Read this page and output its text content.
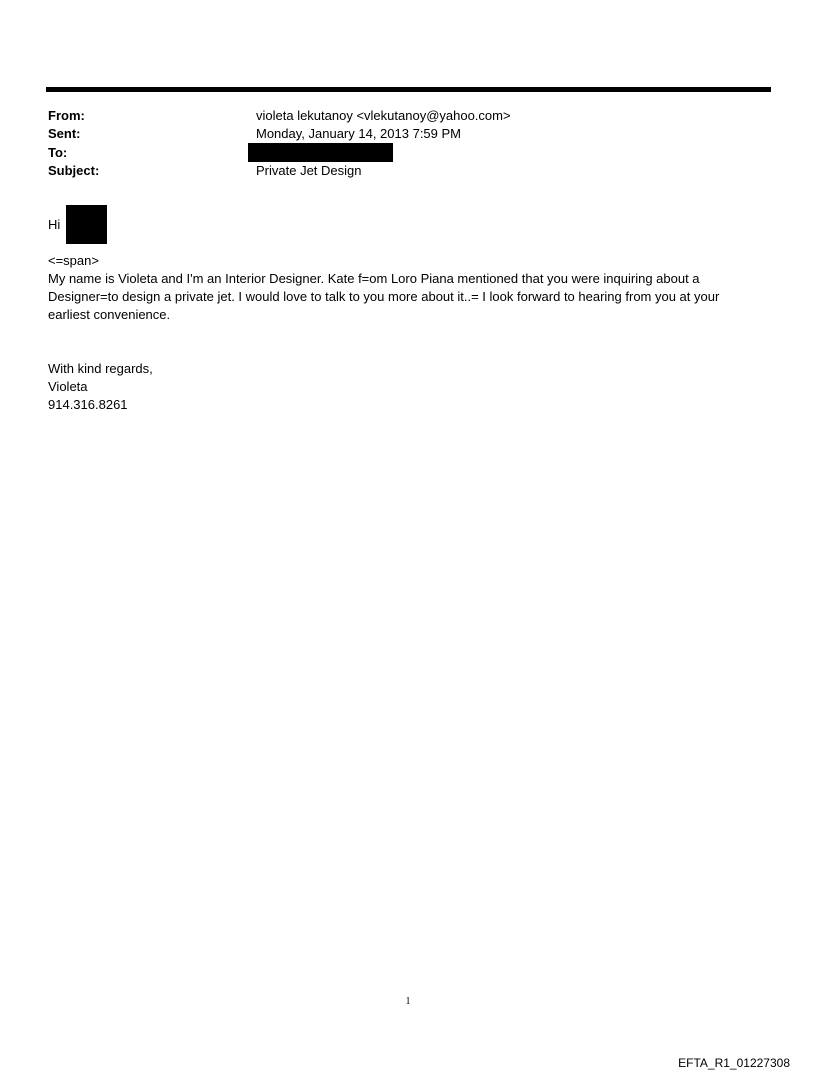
From:	violeta lekutanoy <vlekutanoy@yahoo.com>
Sent:	Monday, January 14, 2013 7:59 PM
To:
Subject:	Private Jet Design
Hi
<=span>
My name is Violeta and I'm an Interior Designer. Kate f=om Loro Piana mentioned that you were inquiring about a
Designer=to design a private jet. I would love to talk to you more about it..= I look forward to hearing from you at your
earliest convenience.
With kind regards,
Violeta
914.316.8261
1
EFTA_R1_01227308
